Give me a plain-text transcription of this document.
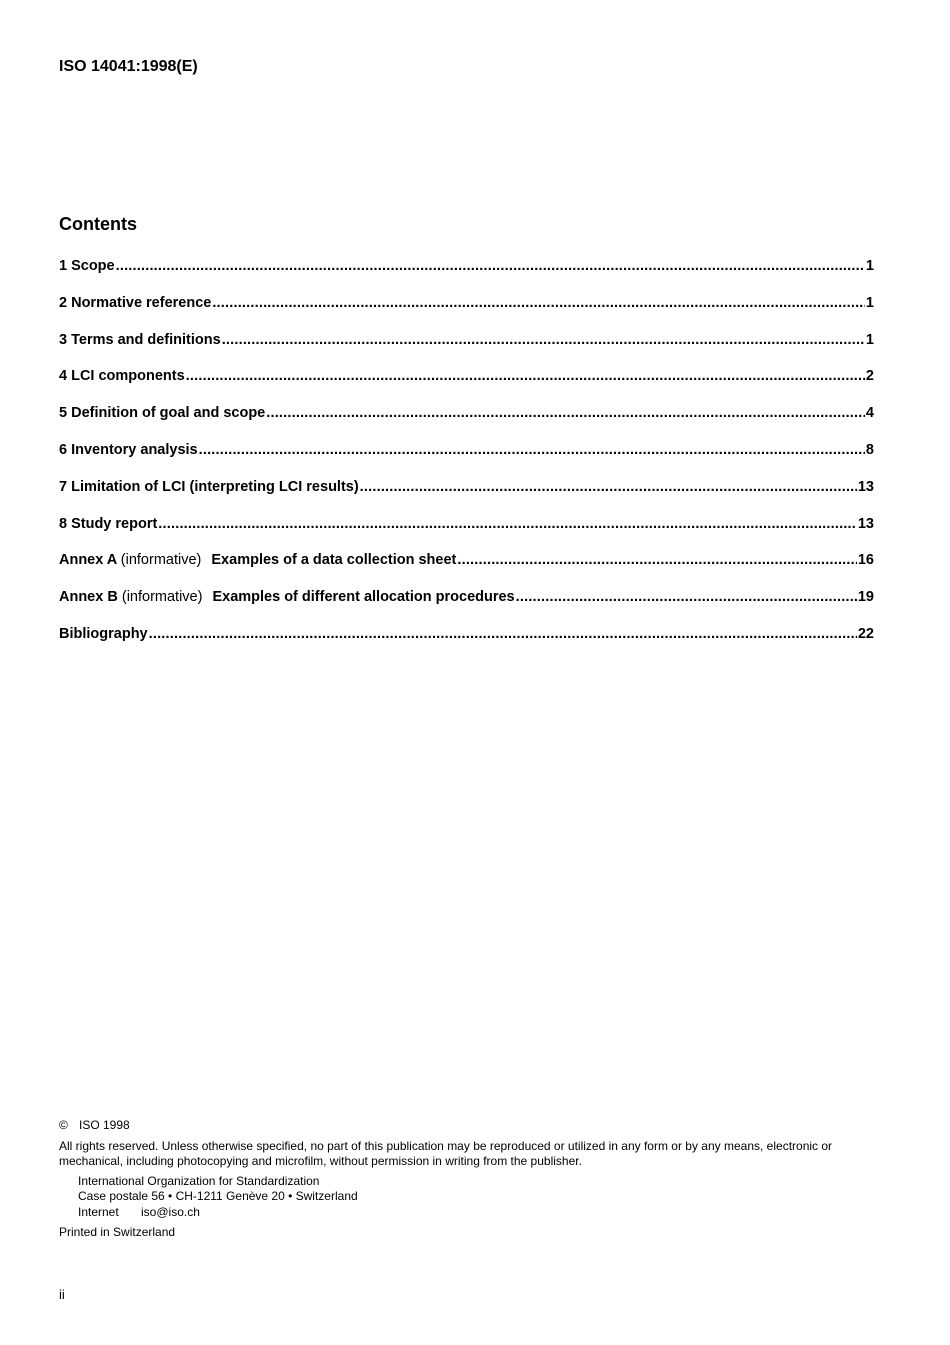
ISO 14041:1998(E)
Contents
1 Scope .....	1
2 Normative reference .....	1
3 Terms and definitions .....	1
4 LCI components .....	2
5 Definition of goal and scope .....	4
6 Inventory analysis .....	8
7 Limitation of LCI (interpreting LCI results) .....	13
8 Study report .....	13
Annex A (informative) Examples of a data collection sheet .....	16
Annex B (informative) Examples of different allocation procedures .....	19
Bibliography .....	22
© ISO 1998
All rights reserved. Unless otherwise specified, no part of this publication may be reproduced or utilized in any form or by any means, electronic or mechanical, including photocopying and microfilm, without permission in writing from the publisher.
International Organization for Standardization
Case postale 56 • CH-1211 Genève 20 • Switzerland
Internet iso@iso.ch
Printed in Switzerland
ii
